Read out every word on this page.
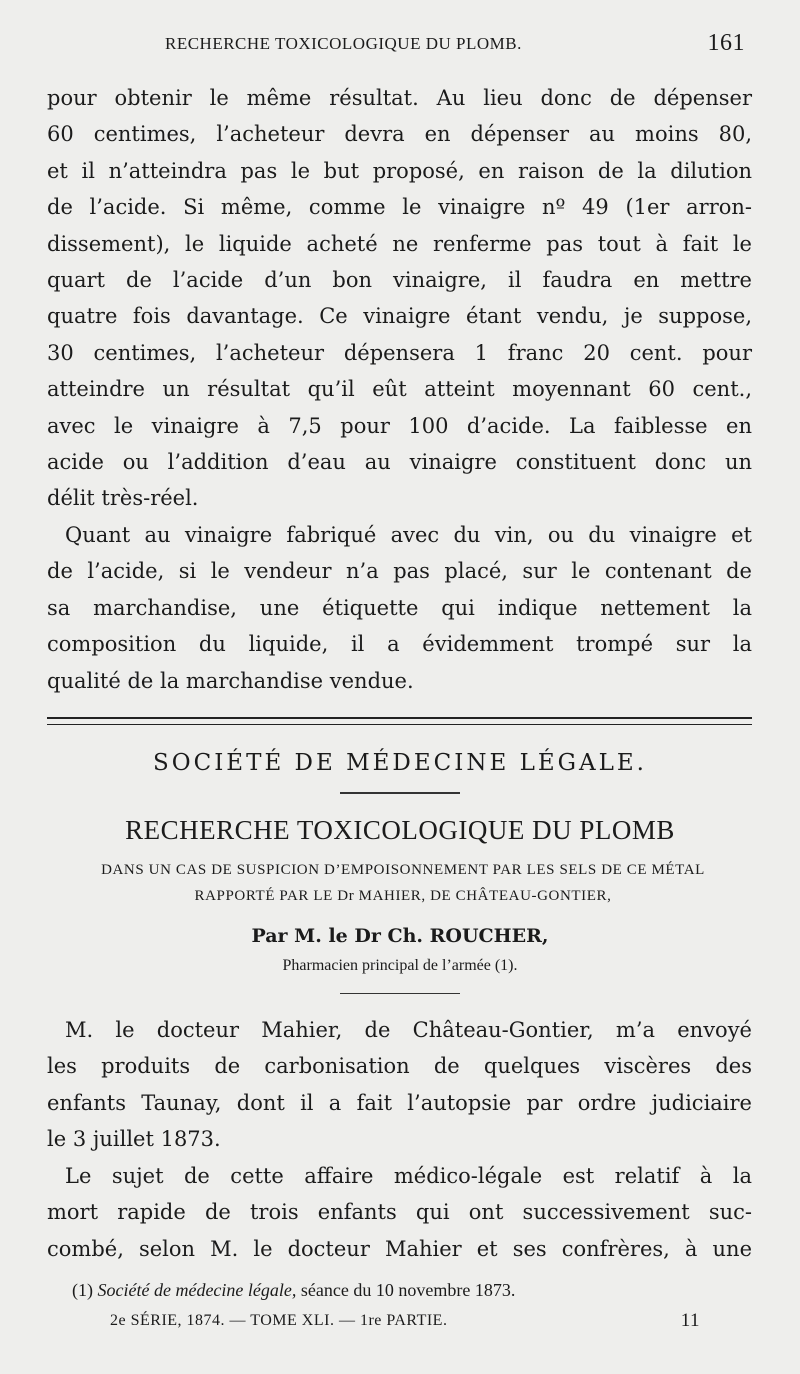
RECHERCHE TOXICOLOGIQUE DU PLOMB.	161
pour obtenir le même résultat. Au lieu donc de dépenser
60 centimes, l’acheteur devra en dépenser au moins 80,
et il n’atteindra pas le but proposé, en raison de la dilution
de l’acide. Si même, comme le vinaigre nº 49 (1er arron-
dissement), le liquide acheté ne renferme pas tout à fait le
quart de l’acide d’un bon vinaigre, il faudra en mettre
quatre fois davantage. Ce vinaigre étant vendu, je suppose,
30 centimes, l’acheteur dépensera 1 franc 20 cent. pour
atteindre un résultat qu’il eût atteint moyennant 60 cent.,
avec le vinaigre à 7,5 pour 100 d’acide. La faiblesse en
acide ou l’addition d’eau au vinaigre constituent donc un
délit très-réel.
Quant au vinaigre fabriqué avec du vin, ou du vinaigre et
de l’acide, si le vendeur n’a pas placé, sur le contenant de
sa marchandise, une étiquette qui indique nettement la
composition du liquide, il a évidemment trompé sur la
qualité de la marchandise vendue.
SOCIÉTÉ DE MÉDECINE LÉGALE.
RECHERCHE TOXICOLOGIQUE DU PLOMB
DANS UN CAS DE SUSPICION D’EMPOISONNEMENT PAR LES SELS DE CE MÉTAL
RAPPORTÉ PAR LE Dr MAHIER, DE CHÂTEAU-GONTIER,
Par M. le Dr Ch. ROUCHER,
Pharmacien principal de l’armée (1).
M. le docteur Mahier, de Château-Gontier, m’a envoyé
les produits de carbonisation de quelques viscères des
enfants Taunay, dont il a fait l’autopsie par ordre judiciaire
le 3 juillet 1873.
Le sujet de cette affaire médico-légale est relatif à la
mort rapide de trois enfants qui ont successivement suc-
combé, selon M. le docteur Mahier et ses confrères, à une
(1) Société de médecine légale, séance du 10 novembre 1873.
2e SÉRIE, 1874. — TOME XLI. — 1re PARTIE.	11
